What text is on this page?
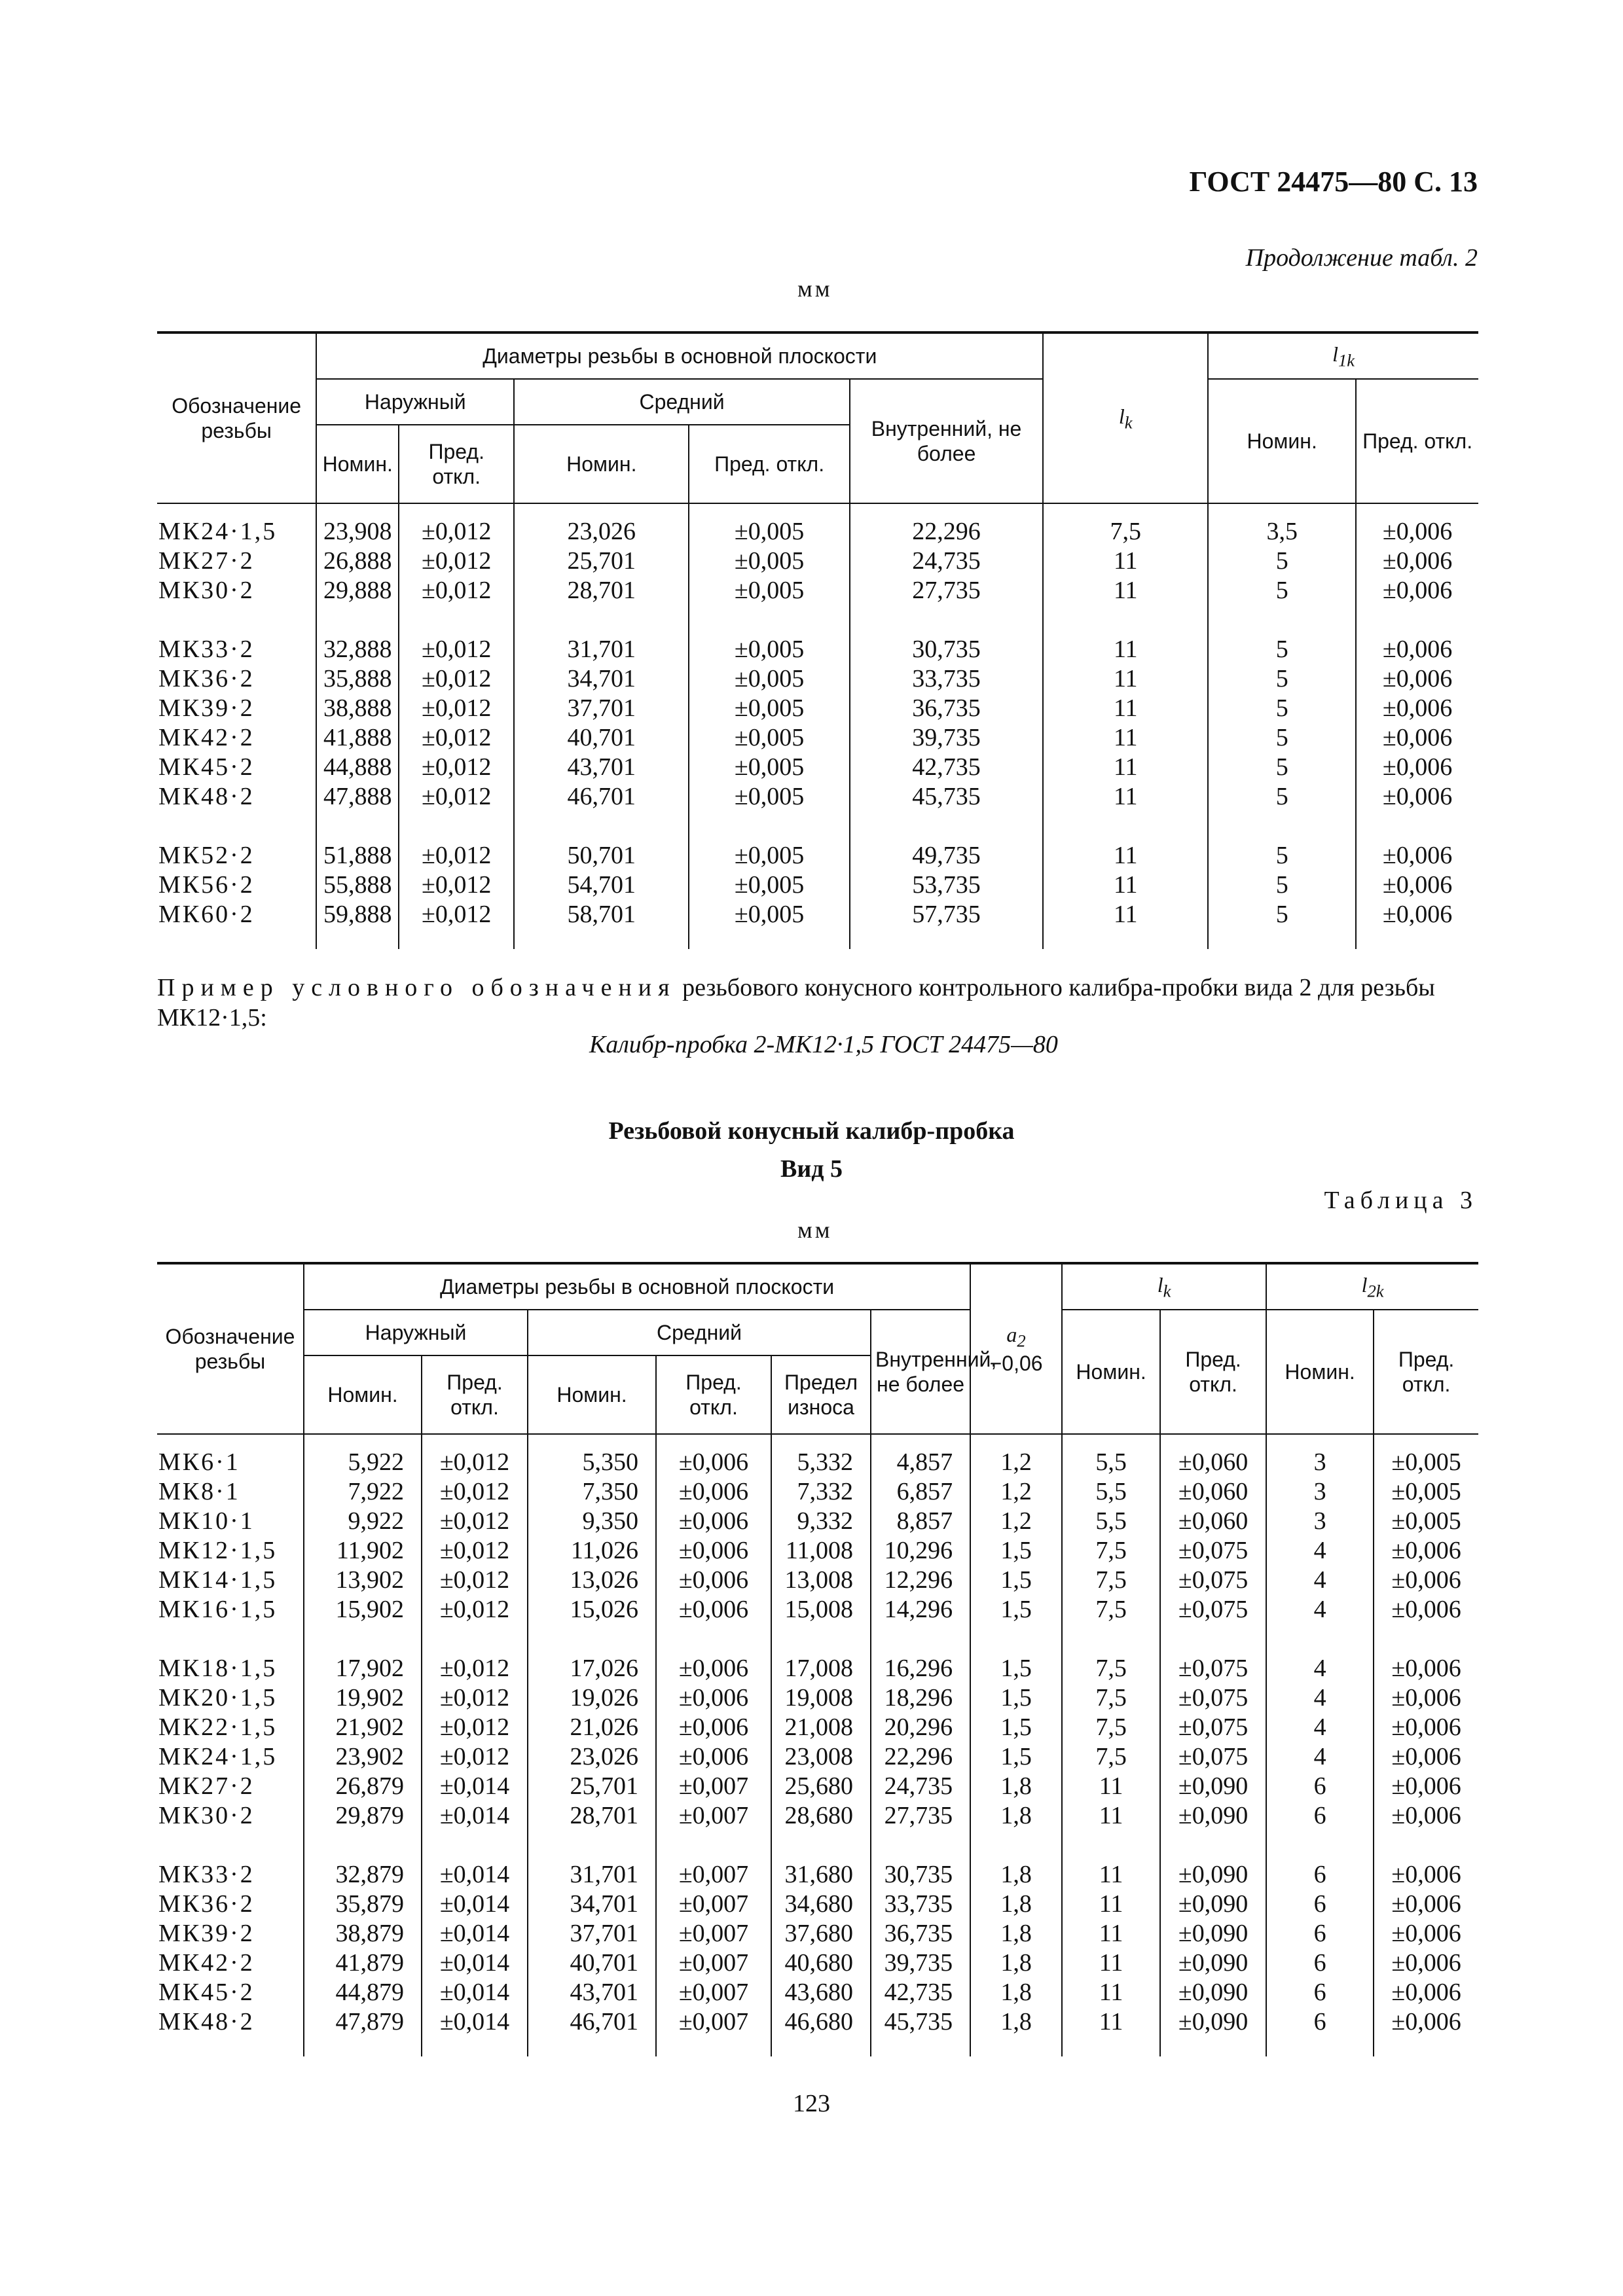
ГОСТ 24475—80 С. 13
Продолжение табл. 2
мм
Обозначение резьбы	Диаметры резьбы в основной плоскости					$l_k$	$l_{1k}$
	Наружный		Средний		Внутренний, не более		Номин.	Пред. откл.
	Номин.	Пред. откл.	Номин.	Пред. откл.				

МК24·1,5	23,908	±0,012	23,026	±0,005	22,296	7,5	3,5	±0,006
МК27·2	26,888	±0,012	25,701	±0,005	24,735	11	5	±0,006
МК30·2	29,888	±0,012	28,701	±0,005	27,735	11	5	±0,006

МК33·2	32,888	±0,012	31,701	±0,005	30,735	11	5	±0,006
МК36·2	35,888	±0,012	34,701	±0,005	33,735	11	5	±0,006
МК39·2	38,888	±0,012	37,701	±0,005	36,735	11	5	±0,006
МК42·2	41,888	±0,012	40,701	±0,005	39,735	11	5	±0,006
МК45·2	44,888	±0,012	43,701	±0,005	42,735	11	5	±0,006
МК48·2	47,888	±0,012	46,701	±0,005	45,735	11	5	±0,006

МК52·2	51,888	±0,012	50,701	±0,005	49,735	11	5	±0,006
МК56·2	55,888	±0,012	54,701	±0,005	53,735	11	5	±0,006
МК60·2	59,888	±0,012	58,701	±0,005	57,735	11	5	±0,006

Пример условного обозначения резьбового конусного контрольного калибра-пробки вида 2 для резьбы МК12·1,5:
Калибр-пробка 2-МК12·1,5 ГОСТ 24475—80
Резьбовой конусный калибр-пробка
Вид 5
Таблица 3
мм
Обозначение резьбы	Диаметры резьбы в основной плоскости						$a_2$
−0,06	$l_k$		$l_{2k}$
	Наружный		Средний			Внутренний, не более		Номин.	Пред. откл.	Номин.	Пред. откл.
	Номин.	Пред. откл.	Номин.	Пред. откл.	Предел износа						

МК6·1	5,922	±0,012	5,350	±0,006	5,332	4,857	1,2	5,5	±0,060	3	±0,005
МК8·1	7,922	±0,012	7,350	±0,006	7,332	6,857	1,2	5,5	±0,060	3	±0,005
МК10·1	9,922	±0,012	9,350	±0,006	9,332	8,857	1,2	5,5	±0,060	3	±0,005
МК12·1,5	11,902	±0,012	11,026	±0,006	11,008	10,296	1,5	7,5	±0,075	4	±0,006
МК14·1,5	13,902	±0,012	13,026	±0,006	13,008	12,296	1,5	7,5	±0,075	4	±0,006
МК16·1,5	15,902	±0,012	15,026	±0,006	15,008	14,296	1,5	7,5	±0,075	4	±0,006

МК18·1,5	17,902	±0,012	17,026	±0,006	17,008	16,296	1,5	7,5	±0,075	4	±0,006
МК20·1,5	19,902	±0,012	19,026	±0,006	19,008	18,296	1,5	7,5	±0,075	4	±0,006
МК22·1,5	21,902	±0,012	21,026	±0,006	21,008	20,296	1,5	7,5	±0,075	4	±0,006
МК24·1,5	23,902	±0,012	23,026	±0,006	23,008	22,296	1,5	7,5	±0,075	4	±0,006
МК27·2	26,879	±0,014	25,701	±0,007	25,680	24,735	1,8	11	±0,090	6	±0,006
МК30·2	29,879	±0,014	28,701	±0,007	28,680	27,735	1,8	11	±0,090	6	±0,006

МК33·2	32,879	±0,014	31,701	±0,007	31,680	30,735	1,8	11	±0,090	6	±0,006
МК36·2	35,879	±0,014	34,701	±0,007	34,680	33,735	1,8	11	±0,090	6	±0,006
МК39·2	38,879	±0,014	37,701	±0,007	37,680	36,735	1,8	11	±0,090	6	±0,006
МК42·2	41,879	±0,014	40,701	±0,007	40,680	39,735	1,8	11	±0,090	6	±0,006
МК45·2	44,879	±0,014	43,701	±0,007	43,680	42,735	1,8	11	±0,090	6	±0,006
МК48·2	47,879	±0,014	46,701	±0,007	46,680	45,735	1,8	11	±0,090	6	±0,006

123
